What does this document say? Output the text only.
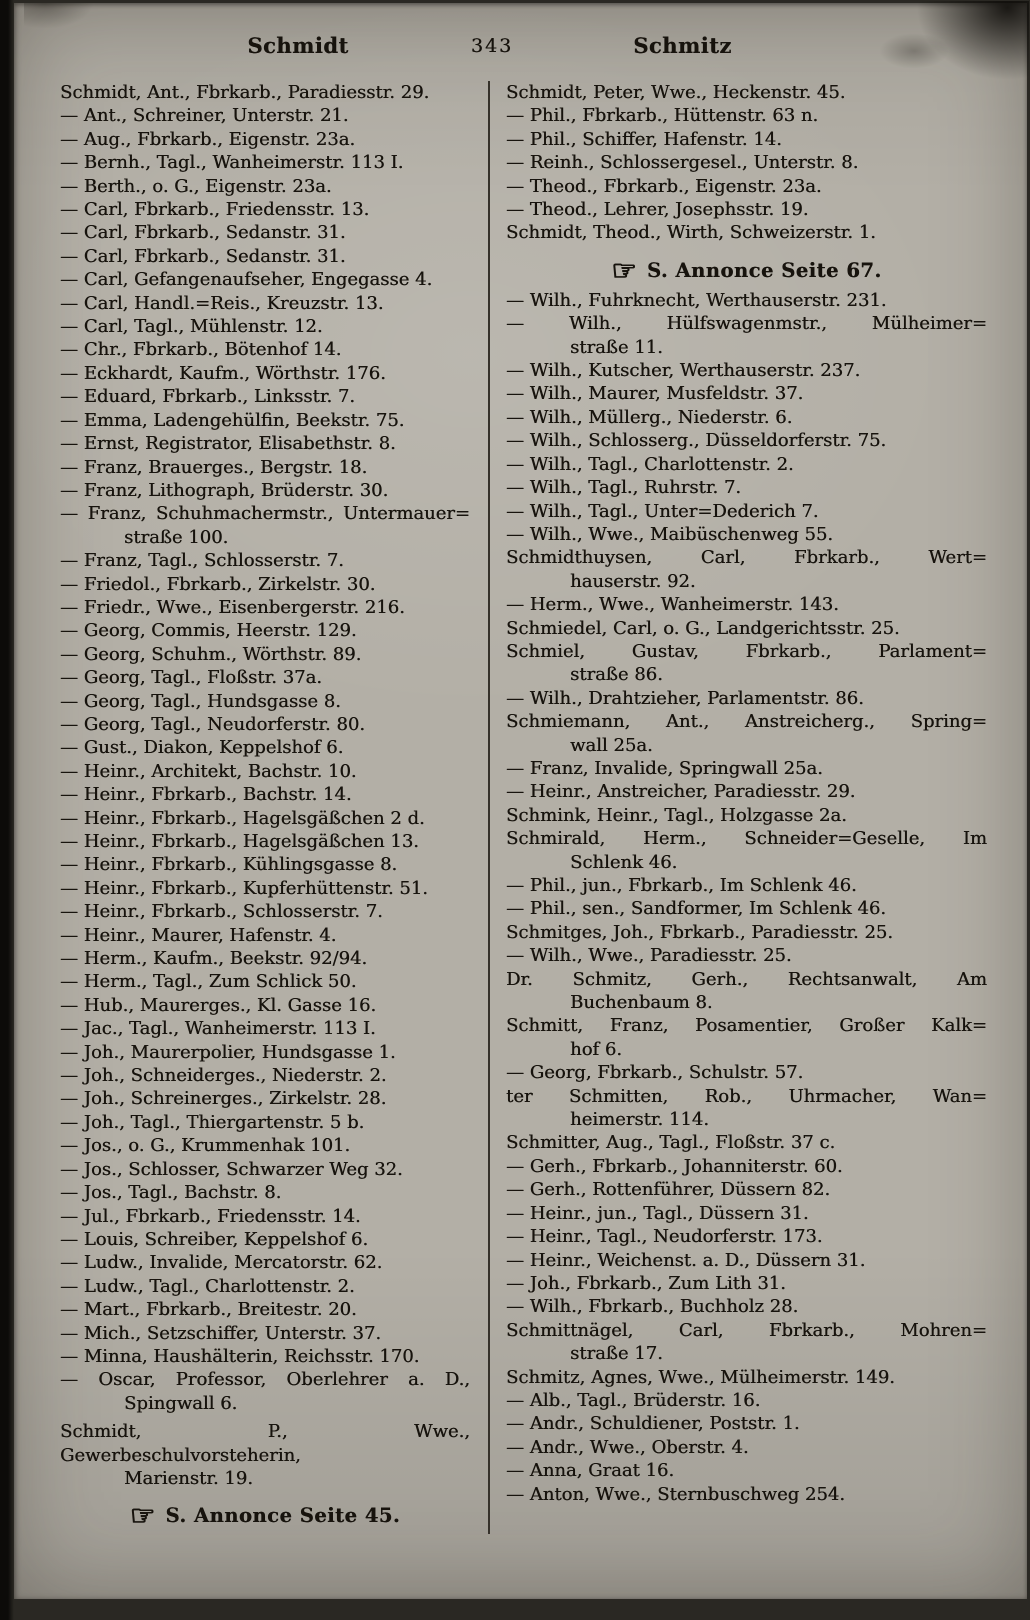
Schmidt	343	Schmitz
Schmidt, Ant., Fbrkarb., Paradiesstr. 29.
— Ant., Schreiner, Unterstr. 21.
— Aug., Fbrkarb., Eigenstr. 23a.
— Bernh., Tagl., Wanheimerstr. 113 I.
— Berth., o. G., Eigenstr. 23a.
— Carl, Fbrkarb., Friedensstr. 13.
— Carl, Fbrkarb., Sedanstr. 31.
— Carl, Fbrkarb., Sedanstr. 31.
— Carl, Gefangenaufseher, Engegasse 4.
— Carl, Handl.=Reis., Kreuzstr. 13.
— Carl, Tagl., Mühlenstr. 12.
— Chr., Fbrkarb., Bötenhof 14.
— Eckhardt, Kaufm., Wörthstr. 176.
— Eduard, Fbrkarb., Linksstr. 7.
— Emma, Ladengehülfin, Beekstr. 75.
— Ernst, Registrator, Elisabethstr. 8.
— Franz, Brauerges., Bergstr. 18.
— Franz, Lithograph, Brüderstr. 30.
— Franz, Schuhmachermstr., Untermauer=
straße 100.
— Franz, Tagl., Schlosserstr. 7.
— Friedol., Fbrkarb., Zirkelstr. 30.
— Friedr., Wwe., Eisenbergerstr. 216.
— Georg, Commis, Heerstr. 129.
— Georg, Schuhm., Wörthstr. 89.
— Georg, Tagl., Floßstr. 37a.
— Georg, Tagl., Hundsgasse 8.
— Georg, Tagl., Neudorferstr. 80.
— Gust., Diakon, Keppelshof 6.
— Heinr., Architekt, Bachstr. 10.
— Heinr., Fbrkarb., Bachstr. 14.
— Heinr., Fbrkarb., Hagelsgäßchen 2 d.
— Heinr., Fbrkarb., Hagelsgäßchen 13.
— Heinr., Fbrkarb., Kühlingsgasse 8.
— Heinr., Fbrkarb., Kupferhüttenstr. 51.
— Heinr., Fbrkarb., Schlosserstr. 7.
— Heinr., Maurer, Hafenstr. 4.
— Herm., Kaufm., Beekstr. 92/94.
— Herm., Tagl., Zum Schlick 50.
— Hub., Maurerges., Kl. Gasse 16.
— Jac., Tagl., Wanheimerstr. 113 I.
— Joh., Maurerpolier, Hundsgasse 1.
— Joh., Schneiderges., Niederstr. 2.
— Joh., Schreinerges., Zirkelstr. 28.
— Joh., Tagl., Thiergartenstr. 5 b.
— Jos., o. G., Krummenhak 101.
— Jos., Schlosser, Schwarzer Weg 32.
— Jos., Tagl., Bachstr. 8.
— Jul., Fbrkarb., Friedensstr. 14.
— Louis, Schreiber, Keppelshof 6.
— Ludw., Invalide, Mercatorstr. 62.
— Ludw., Tagl., Charlottenstr. 2.
— Mart., Fbrkarb., Breitestr. 20.
— Mich., Setzschiffer, Unterstr. 37.
— Minna, Haushälterin, Reichsstr. 170.
— Oscar, Professor, Oberlehrer a. D.,
Spingwall 6.
Schmidt, P., Wwe., Gewerbeschulvorsteherin,
Marienstr. 19.
☞ S. Annonce Seite 45.
Schmidt, Peter, Wwe., Heckenstr. 45.
— Phil., Fbrkarb., Hüttenstr. 63 n.
— Phil., Schiffer, Hafenstr. 14.
— Reinh., Schlossergesel., Unterstr. 8.
— Theod., Fbrkarb., Eigenstr. 23a.
— Theod., Lehrer, Josephsstr. 19.
Schmidt, Theod., Wirth, Schweizerstr. 1.
☞ S. Annonce Seite 67.
— Wilh., Fuhrknecht, Werthauserstr. 231.
— Wilh., Hülfswagenmstr., Mülheimer=
straße 11.
— Wilh., Kutscher, Werthauserstr. 237.
— Wilh., Maurer, Musfeldstr. 37.
— Wilh., Müllerg., Niederstr. 6.
— Wilh., Schlosserg., Düsseldorferstr. 75.
— Wilh., Tagl., Charlottenstr. 2.
— Wilh., Tagl., Ruhrstr. 7.
— Wilh., Tagl., Unter=Dederich 7.
— Wilh., Wwe., Maibüschenweg 55.
Schmidthuysen, Carl, Fbrkarb., Wert=
hauserstr. 92.
— Herm., Wwe., Wanheimerstr. 143.
Schmiedel, Carl, o. G., Landgerichtsstr. 25.
Schmiel, Gustav, Fbrkarb., Parlament=
straße 86.
— Wilh., Drahtzieher, Parlamentstr. 86.
Schmiemann, Ant., Anstreicherg., Spring=
wall 25a.
— Franz, Invalide, Springwall 25a.
— Heinr., Anstreicher, Paradiesstr. 29.
Schmink, Heinr., Tagl., Holzgasse 2a.
Schmirald, Herm., Schneider=Geselle, Im
Schlenk 46.
— Phil., jun., Fbrkarb., Im Schlenk 46.
— Phil., sen., Sandformer, Im Schlenk 46.
Schmitges, Joh., Fbrkarb., Paradiesstr. 25.
— Wilh., Wwe., Paradiesstr. 25.
Dr. Schmitz, Gerh., Rechtsanwalt, Am
Buchenbaum 8.
Schmitt, Franz, Posamentier, Großer Kalk=
hof 6.
— Georg, Fbrkarb., Schulstr. 57.
ter Schmitten, Rob., Uhrmacher, Wan=
heimerstr. 114.
Schmitter, Aug., Tagl., Floßstr. 37 c.
— Gerh., Fbrkarb., Johanniterstr. 60.
— Gerh., Rottenführer, Düssern 82.
— Heinr., jun., Tagl., Düssern 31.
— Heinr., Tagl., Neudorferstr. 173.
— Heinr., Weichenst. a. D., Düssern 31.
— Joh., Fbrkarb., Zum Lith 31.
— Wilh., Fbrkarb., Buchholz 28.
Schmittnägel, Carl, Fbrkarb., Mohren=
straße 17.
Schmitz, Agnes, Wwe., Mülheimerstr. 149.
— Alb., Tagl., Brüderstr. 16.
— Andr., Schuldiener, Poststr. 1.
— Andr., Wwe., Oberstr. 4.
— Anna, Graat 16.
— Anton, Wwe., Sternbuschweg 254.
